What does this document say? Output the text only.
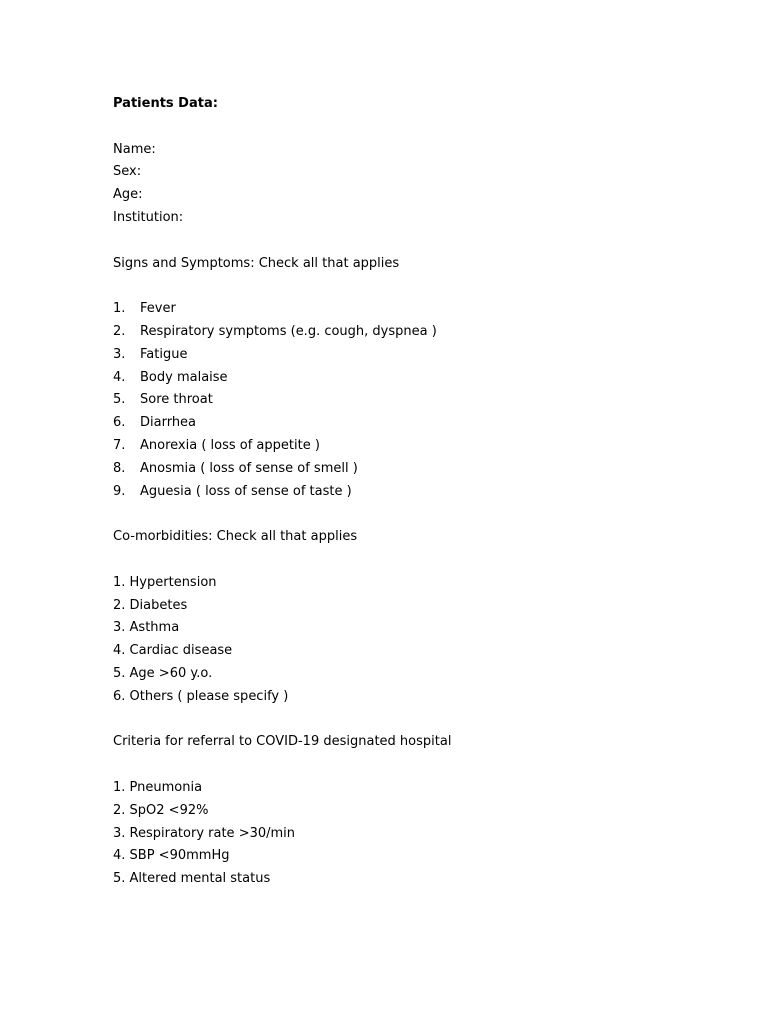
Patients Data:
Name:
Sex:
Age:
Institution:
Signs and Symptoms: Check all that applies
1. Fever
2. Respiratory symptoms (e.g. cough, dyspnea )
3. Fatigue
4. Body malaise
5. Sore throat
6. Diarrhea
7. Anorexia ( loss of appetite )
8. Anosmia ( loss of sense of smell )
9. Aguesia ( loss of sense of taste )
Co-morbidities: Check all that applies
1. Hypertension
2. Diabetes
3. Asthma
4. Cardiac disease
5. Age >60 y.o.
6. Others ( please specify )
Criteria for referral to COVID-19 designated hospital
1. Pneumonia
2. SpO2 <92%
3. Respiratory rate >30/min
4. SBP <90mmHg
5. Altered mental status
